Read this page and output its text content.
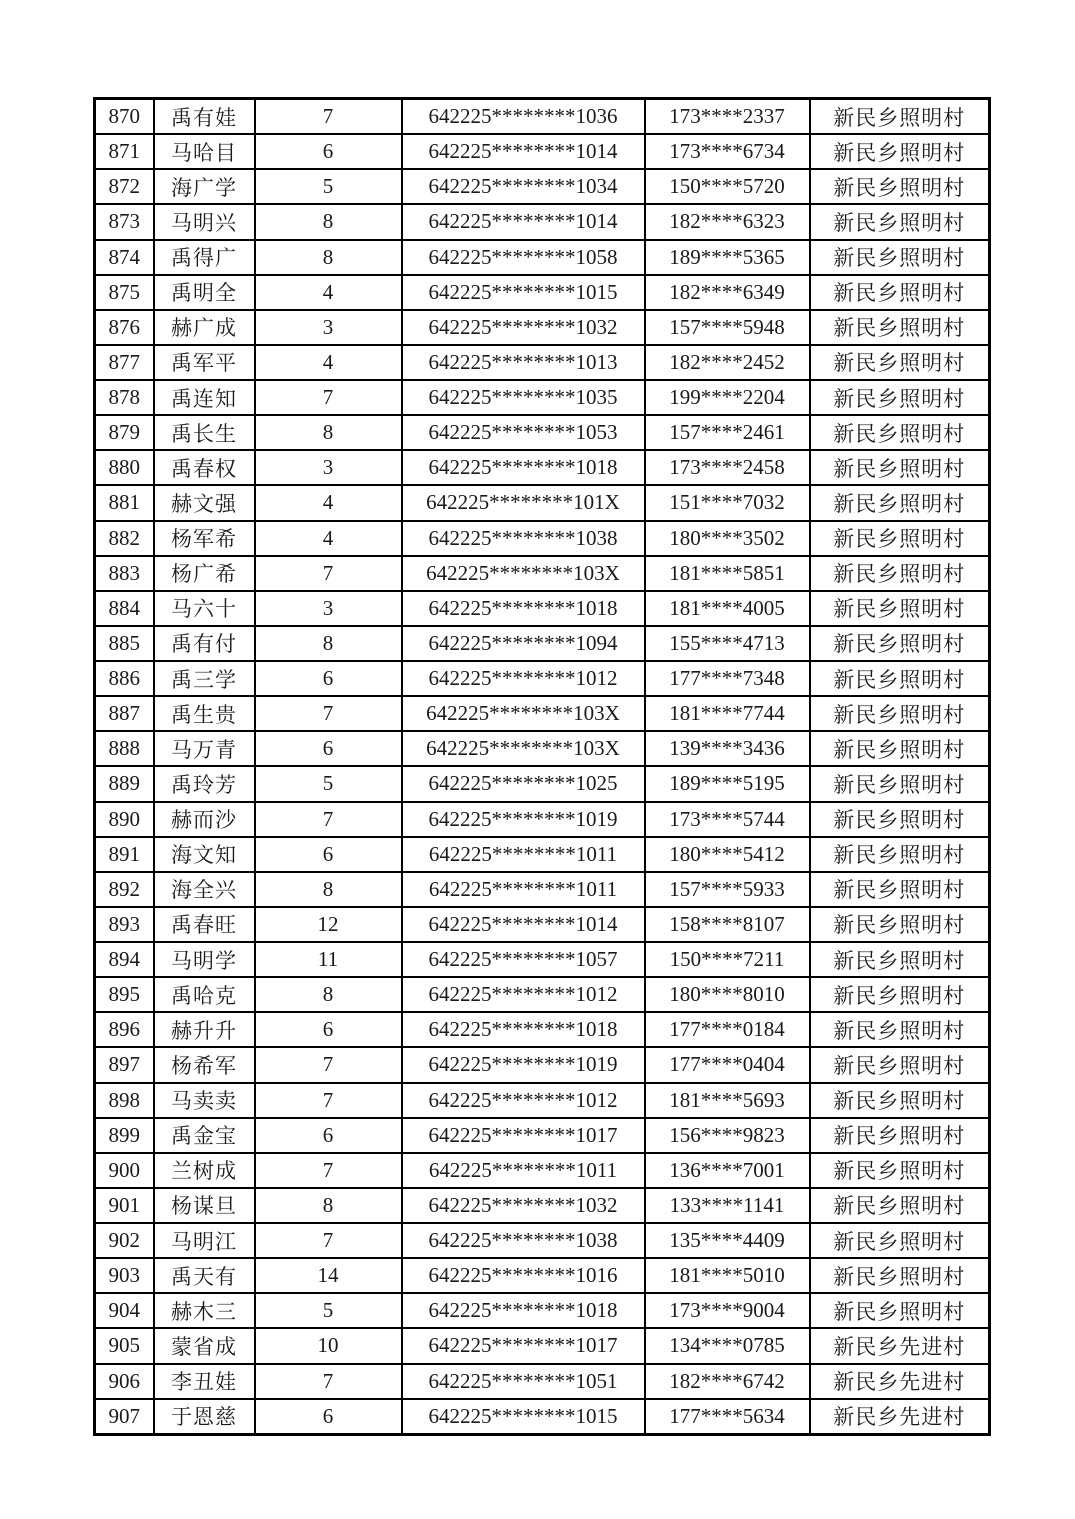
870	禹有娃	7	642225********1036	173****2337	新民乡照明村
871	马哈目	6	642225********1014	173****6734	新民乡照明村
872	海广学	5	642225********1034	150****5720	新民乡照明村
873	马明兴	8	642225********1014	182****6323	新民乡照明村
874	禹得广	8	642225********1058	189****5365	新民乡照明村
875	禹明全	4	642225********1015	182****6349	新民乡照明村
876	赫广成	3	642225********1032	157****5948	新民乡照明村
877	禹军平	4	642225********1013	182****2452	新民乡照明村
878	禹连知	7	642225********1035	199****2204	新民乡照明村
879	禹长生	8	642225********1053	157****2461	新民乡照明村
880	禹春权	3	642225********1018	173****2458	新民乡照明村
881	赫文强	4	642225********101X	151****7032	新民乡照明村
882	杨军希	4	642225********1038	180****3502	新民乡照明村
883	杨广希	7	642225********103X	181****5851	新民乡照明村
884	马六十	3	642225********1018	181****4005	新民乡照明村
885	禹有付	8	642225********1094	155****4713	新民乡照明村
886	禹三学	6	642225********1012	177****7348	新民乡照明村
887	禹生贵	7	642225********103X	181****7744	新民乡照明村
888	马万青	6	642225********103X	139****3436	新民乡照明村
889	禹玲芳	5	642225********1025	189****5195	新民乡照明村
890	赫而沙	7	642225********1019	173****5744	新民乡照明村
891	海文知	6	642225********1011	180****5412	新民乡照明村
892	海全兴	8	642225********1011	157****5933	新民乡照明村
893	禹春旺	12	642225********1014	158****8107	新民乡照明村
894	马明学	11	642225********1057	150****7211	新民乡照明村
895	禹哈克	8	642225********1012	180****8010	新民乡照明村
896	赫升升	6	642225********1018	177****0184	新民乡照明村
897	杨希军	7	642225********1019	177****0404	新民乡照明村
898	马卖卖	7	642225********1012	181****5693	新民乡照明村
899	禹金宝	6	642225********1017	156****9823	新民乡照明村
900	兰树成	7	642225********1011	136****7001	新民乡照明村
901	杨谋旦	8	642225********1032	133****1141	新民乡照明村
902	马明江	7	642225********1038	135****4409	新民乡照明村
903	禹天有	14	642225********1016	181****5010	新民乡照明村
904	赫木三	5	642225********1018	173****9004	新民乡照明村
905	蒙省成	10	642225********1017	134****0785	新民乡先进村
906	李丑娃	7	642225********1051	182****6742	新民乡先进村
907	于恩慈	6	642225********1015	177****5634	新民乡先进村
